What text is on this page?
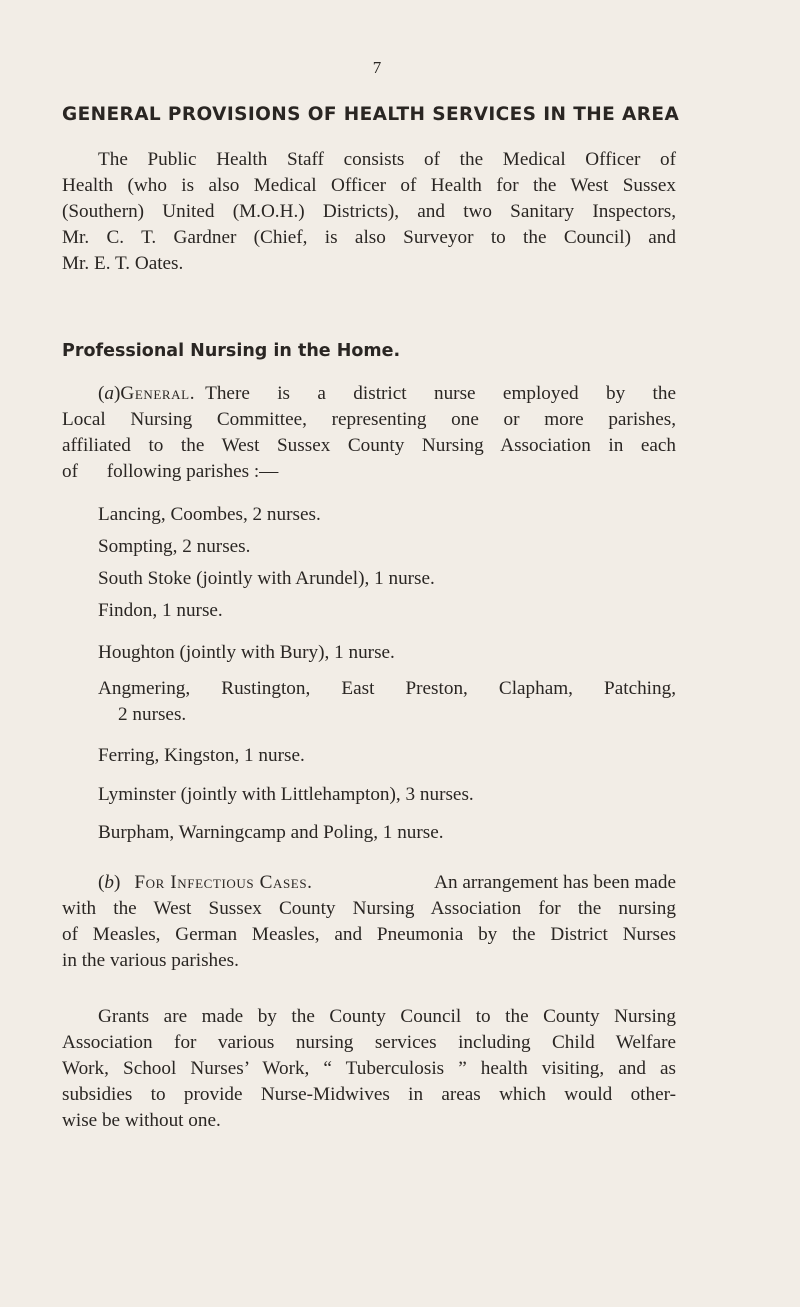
7
GENERAL PROVISIONS OF HEALTH SERVICES IN THE AREA
The Public Health Staff consists of the Medical Officer of
Health (who is also Medical Officer of Health for the West Sussex
(Southern) United (M.O.H.) Districts), and two Sanitary Inspectors,
Mr. C. T. Gardner (Chief, is also Surveyor to the Council) and
Mr. E. T. Oates.
Professional Nursing in the Home.
(a) General. There is a district nurse employed by the
Local Nursing Committee, representing one or more parishes,
affiliated to the West Sussex County Nursing Association in each
of      following parishes :—
Lancing, Coombes, 2 nurses.
Sompting, 2 nurses.
South Stoke (jointly with Arundel), 1 nurse.
Findon, 1 nurse.
Houghton (jointly with Bury), 1 nurse.
Angmering, Rustington, East Preston, Clapham, Patching,
2 nurses.
Ferring, Kingston, 1 nurse.
Lyminster (jointly with Littlehampton), 3 nurses.
Burpham, Warningcamp and Poling, 1 nurse.
(b) For Infectious Cases.	An arrangement has been made
with the West Sussex County Nursing Association for the nursing
of Measles, German Measles, and Pneumonia by the District Nurses
in the various parishes.
Grants are made by the County Council to the County Nursing
Association for various nursing services including Child Welfare
Work, School Nurses’ Work, “ Tuberculosis ” health visiting, and as
subsidies to provide Nurse-Midwives in areas which would other-
wise be without one.
